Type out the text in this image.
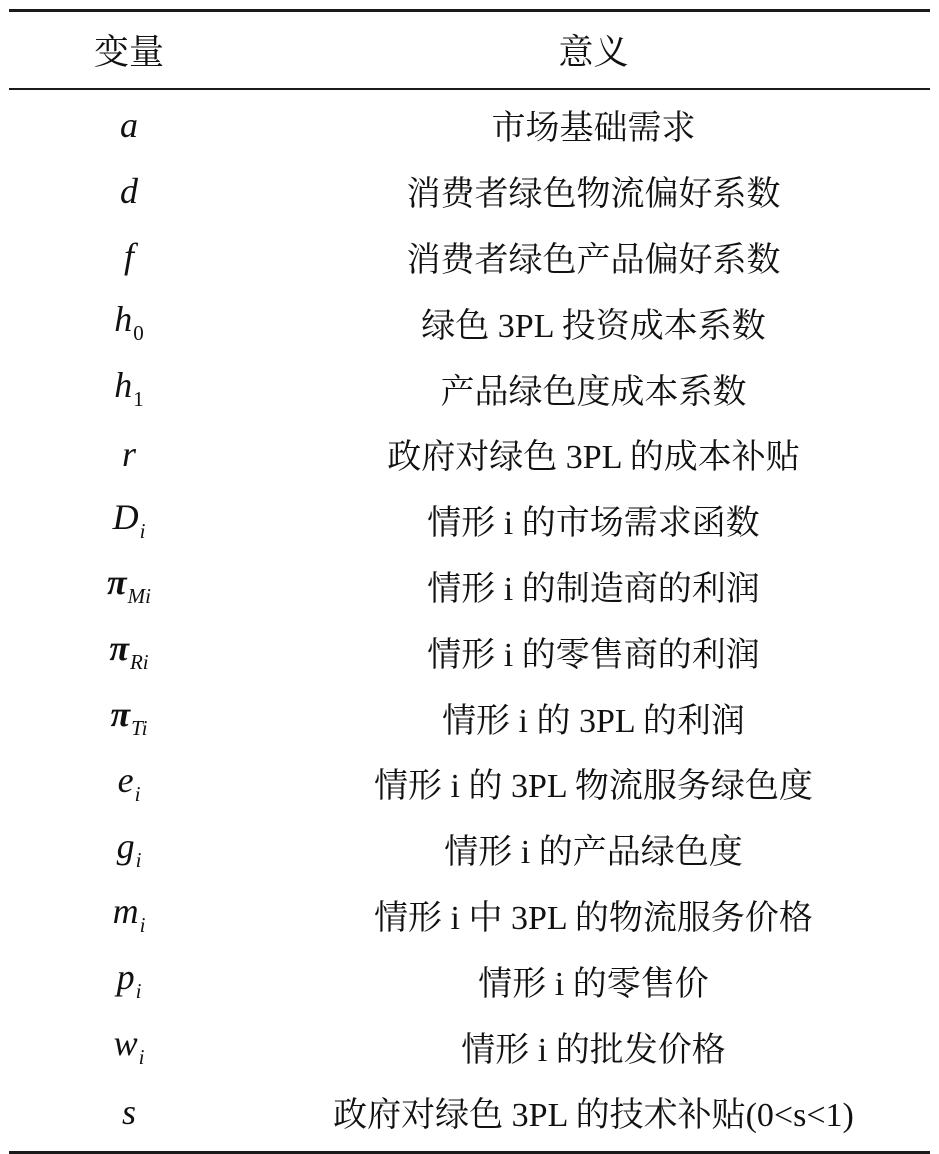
变量	意义
a	市场基础需求
d	消费者绿色物流偏好系数
f	消费者绿色产品偏好系数
$h_0$	绿色 3PL 投资成本系数
$h_1$	产品绿色度成本系数
r	政府对绿色 3PL 的成本补贴
$D_i$	情形 i 的市场需求函数
$\pi_{Mi}$	情形 i 的制造商的利润
$\pi_{Ri}$	情形 i 的零售商的利润
$\pi_{Ti}$	情形 i 的 3PL 的利润
$e_i$	情形 i 的 3PL 物流服务绿色度
$g_i$	情形 i 的产品绿色度
$m_i$	情形 i 中 3PL 的物流服务价格
$p_i$	情形 i 的零售价
$w_i$	情形 i 的批发价格
s	政府对绿色 3PL 的技术补贴(0<s<1)
